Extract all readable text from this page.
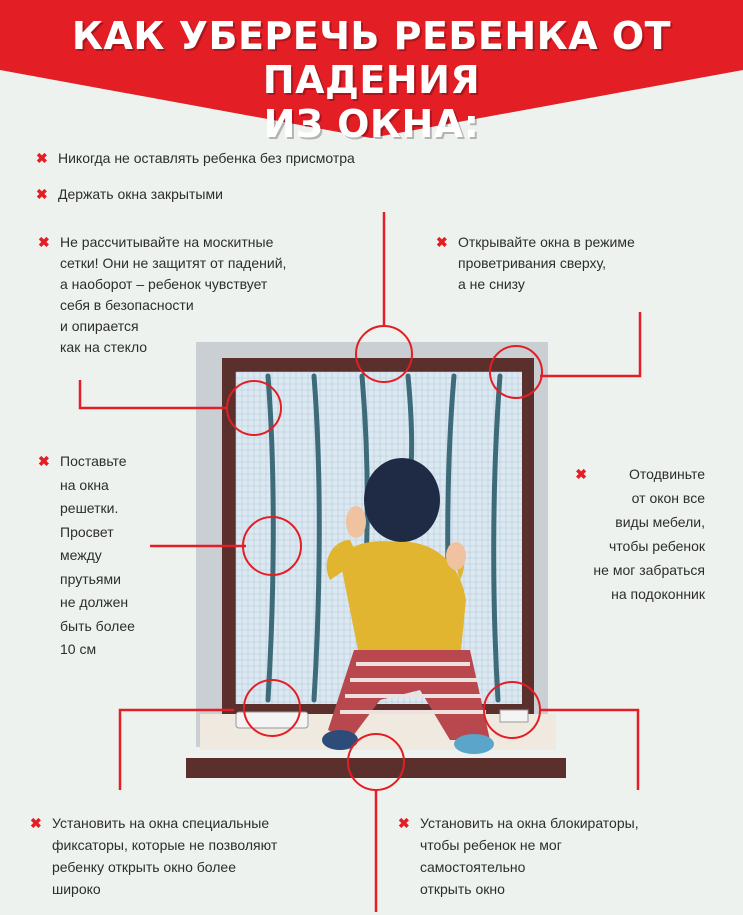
КАК УБЕРЕЧЬ РЕБЕНКА ОТ ПАДЕНИЯ
ИЗ ОКНА:
✖ Никогда не оставлять ребенка без присмотра
✖ Держать окна закрытыми
✖ Не рассчитывайте на москитные
сетки! Они не защитят от падений,
а наоборот – ребенок чувствует
себя в безопасности
и опирается
как на стекло
✖ Открывайте окна в режиме
проветривания сверху,
а не снизу
✖ Поставьте
на окна
решетки.
Просвет
между
прутьями
не должен
быть более
10 см
✖	Отодвиньте
от окон все
виды мебели,
чтобы ребенок
не мог забраться
на подоконник
✖ Установить на окна специальные
фиксаторы, которые не позволяют
ребенку открыть окно более
широко
✖ Установить на окна блокираторы,
чтобы ребенок не мог
самостоятельно
открыть окно
